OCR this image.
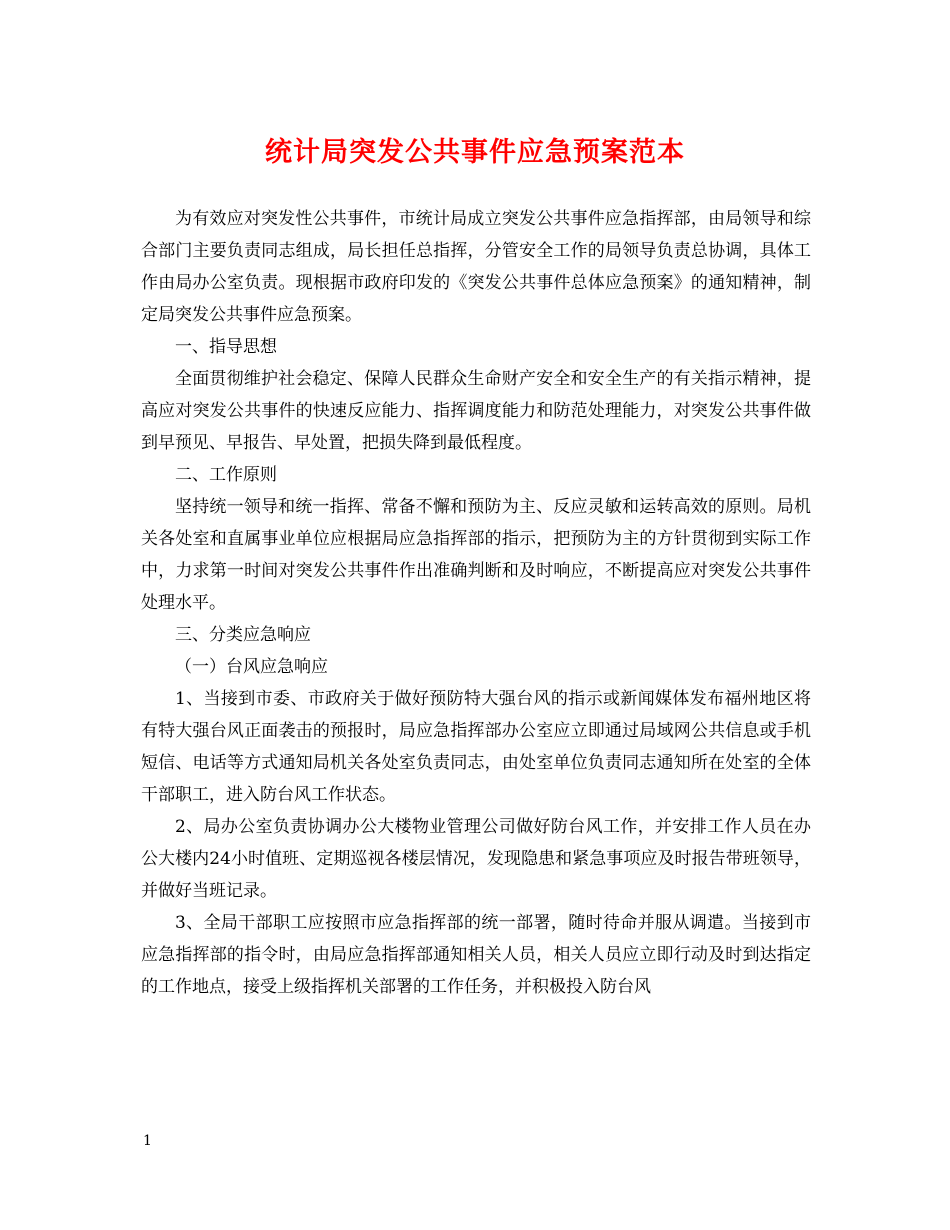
统计局突发公共事件应急预案范本

为有效应对突发性公共事件，市统计局成立突发公共事件应急指挥部，由局领导和综合部门主要负责同志组成，局长担任总指挥，分管安全工作的局领导负责总协调，具体工作由局办公室负责。现根据市政府印发的《突发公共事件总体应急预案》的通知精神，制定局突发公共事件应急预案。

一、指导思想

全面贯彻维护社会稳定、保障人民群众生命财产安全和安全生产的有关指示精神，提高应对突发公共事件的快速反应能力、指挥调度能力和防范处理能力，对突发公共事件做到早预见、早报告、早处置，把损失降到最低程度。

二、工作原则

坚持统一领导和统一指挥、常备不懈和预防为主、反应灵敏和运转高效的原则。局机关各处室和直属事业单位应根据局应急指挥部的指示，把预防为主的方针贯彻到实际工作中，力求第一时间对突发公共事件作出准确判断和及时响应，不断提高应对突发公共事件处理水平。

三、分类应急响应

（一）台风应急响应

1、当接到市委、市政府关于做好预防特大强台风的指示或新闻媒体发布福州地区将有特大强台风正面袭击的预报时，局应急指挥部办公室应立即通过局域网公共信息或手机短信、电话等方式通知局机关各处室负责同志，由处室单位负责同志通知所在处室的全体干部职工，进入防台风工作状态。

2、局办公室负责协调办公大楼物业管理公司做好防台风工作，并安排工作人员在办公大楼内24小时值班、定期巡视各楼层情况，发现隐患和紧急事项应及时报告带班领导，并做好当班记录。

3、全局干部职工应按照市应急指挥部的统一部署，随时待命并服从调遣。当接到市应急指挥部的指令时，由局应急指挥部通知相关人员，相关人员应立即行动及时到达指定的工作地点，接受上级指挥机关部署的工作任务，并积极投入防台风

1
